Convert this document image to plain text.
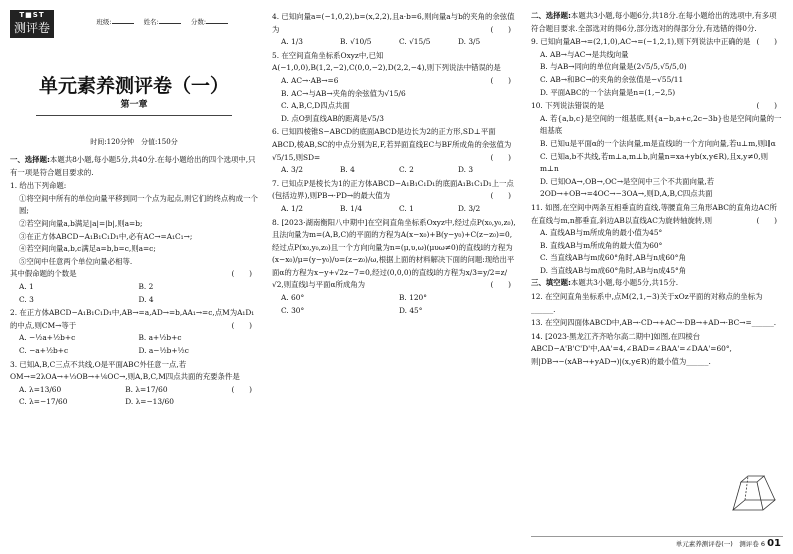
T■ST
测评卷	班级:	姓名:	分数:
单元素养测评卷（一）
第一章
时间:120分钟　分值:150分
一、选择题:本题共8小题,每小题5分,共40分.在每小题给出的四个选项中,只有一项是符合题目要求的.
1. 给出下列命题:
①将空间中所有的单位向量平移到同一个点为起点,则它们的终点构成一个圆;
②若空间向量a,b满足|a|=|b|,则a=b;
③在正方体ABCD−A₁B₁C₁D₁中,必有AC→=A₁C₁→;
④若空间向量a,b,c满足a=b,b=c,则a=c;
⑤空间中任意两个单位向量必相等.
(　　)
其中假命题的个数是
A. 1	B. 2
C. 3	D. 4
2. 在正方体ABCD−A₁B₁C₁D₁中,AB→=a,AD→=b,AA₁→=c,点M为A₁D₁的中点,则CM→等于	(　　)
A. −½a+½b+c	B. a+½b+c
C. −a+½b+c	D. a−½b+½c
3. 已知A,B,C三点不共线,O是平面ABC外任意一点,若OM→=2λOA→+⅓OB→+⅙OC→,则A,B,C,M四点共面的充要条件是
(　　)
A. λ=13/60	B. λ=17/60
C. λ=−17/60	D. λ=−13/60
4. 已知向量a=(−1,0,2),b=(x,2,2),且a·b=6,则向量a与b的夹角的余弦值为	(　　)
A. 1/3	B. √10/5	C. √15/5	D. 3/5
5. 在空间直角坐标系Oxyz中,已知A(−1,0,0),B(1,2,−2),C(0,0,−2),D(2,2,−4),则下列说法中错误的是
(　　)
A. AC→·AB→=6
B. AC→与AB→夹角的余弦值为√15/6
C. A,B,C,D四点共面
D. 点O到直线AB的距离是√5/3
6. 已知四棱锥S−ABCD的底面ABCD是边长为2的正方形,SD⊥平面ABCD,棱AB,SC的中点分别为E,F,若异面直线EC与BF所成角的余弦值为√5/15,则SD=	(　　)
A. 3/2	B. 4	C. 2	D. 3
7. 已知点P是棱长为1的正方体ABCD−A₁B₁C₁D₁的底面A₁B₁C₁D₁上一点(包括边界),则PB→·PD→的最大值为	(　　)
A. 1/2	B. 1/4	C. 1	D. 3/2
8. [2023·湖南衡阳八中期中]在空间直角坐标系Oxyz中,经过点P(x₀,y₀,z₀),且法向量为m=(A,B,C)的平面的方程为A(x−x₀)+B(y−y₀)+C(z−z₀)=0,经过点P(x₀,y₀,z₀)且一个方向向量为n=(μ,υ,ω)(μυω≠0)的直线l的方程为(x−x₀)/μ=(y−y₀)/υ=(z−z₀)/ω,根据上面的材料解决下面的问题:现给出平面α的方程为x−y+√2z−7=0,经过(0,0,0)的直线l的方程为x/3=y/2=z/√2,则直线l与平面α所成角为	(　　)
A. 60°	B. 120°
C. 30°	D. 45°
二、选择题:本题共3小题,每小题6分,共18分.在每小题给出的选项中,有多项符合题目要求.全部选对的得6分,部分选对的得部分分,有选错的得0分.
9. 已知向量AB→=(2,1,0),AC→=(−1,2,1),则下列说法中正确的是 (　　)
A. AB→与AC→是共线向量
B. 与AB→同向的单位向量是(2√5/5,√5/5,0)
C. AB→和BC→的夹角的余弦值是−√55/11
D. 平面ABC的一个法向量是n=(1,−2,5)
10. 下列说法错误的是	(　　)
A. 若{a,b,c}是空间的一组基底,则{a−b,a+c,2c−3b}也是空间向量的一组基底
B. 已知u是平面α的一个法向量,m是直线l的一个方向向量,若u⊥m,则l∥α
C. 已知a,b不共线,若m⊥a,m⊥b,向量n=xa+yb(x,y∈R),且x,y≠0,则m⊥n
D. 已知OA→,OB→,OC→是空间中三个不共面向量,若2OD→+OB→=4OC→−3OA→,则D,A,B,C四点共面
11. 如图,在空间中两条互相垂直的直线,等腰直角三角形ABC的直角边AC所在直线与m,n都垂直,斜边AB以直线AC为旋转轴旋转,则	(　　)
A. 直线AB与m所成角的最小值为45°
B. 直线AB与m所成角的最大值为60°
C. 当直线AB与m成60°角时,AB与n成60°角
D. 当直线AB与m成60°角时,AB与n成45°角
三、填空题:本题共3小题,每小题5分,共15分.
12. 在空间直角坐标系中,点M(2,1,−3)关于xOz平面的对称点的坐标为______.
13. 在空间四面体ABCD中,AB→·CD→+AC→·DB→+AD→·BC→=______.
14. [2023·黑龙江齐齐哈尔高二期中]如图,在四棱台ABCD−A'B'C'D'中,AA'=4,∠BAD=∠BAA'=∠DAA'=60°,则|DB→−(xAB→+yAD→)|(x,y∈R)的最小值为______.
单元素养测评卷(一)　测评卷 6 01
